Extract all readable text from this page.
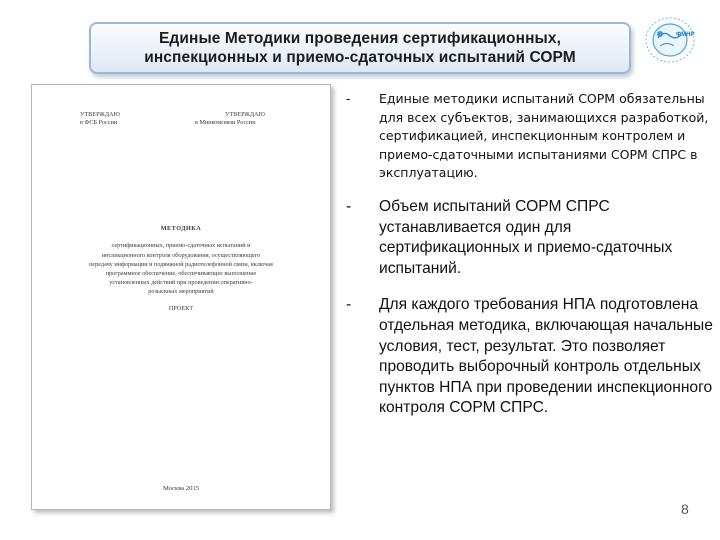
Единые Методики проведения сертификационных,
инспекционных и приемо-сдаточных испытаний СОРМ
ФМНР
УТВЕРЖДАЮ
в ФСБ России
УТВЕРЖДАЮ
в Минкомсвязи России
МЕТОДИКА
сертификационных, приемо-сдаточных испытаний и
инспекционного контроля оборудования, осуществляющего
передачу информации и подвижной радиотелефонной связи, включая
программное обеспечение, обеспечивающее выполнение
установленных действий при проведении оперативно-
розыскных мероприятий
ПРОЕКТ
Москва 2015
- Единые методики испытаний СОРМ обязательны для всех субъектов, занимающихся разработкой, сертификацией, инспекционным контролем и приемо-сдаточными испытаниями СОРМ СПРС в эксплуатацию.
- Объем испытаний СОРМ СПРС устанавливается один для сертификационных и приемо-сдаточных испытаний.
- Для каждого требования НПА подготовлена отдельная методика, включающая начальные условия, тест, результат. Это позволяет проводить выборочный контроль отдельных пунктов НПА при проведении инспекционного контроля СОРМ СПРС.
8
